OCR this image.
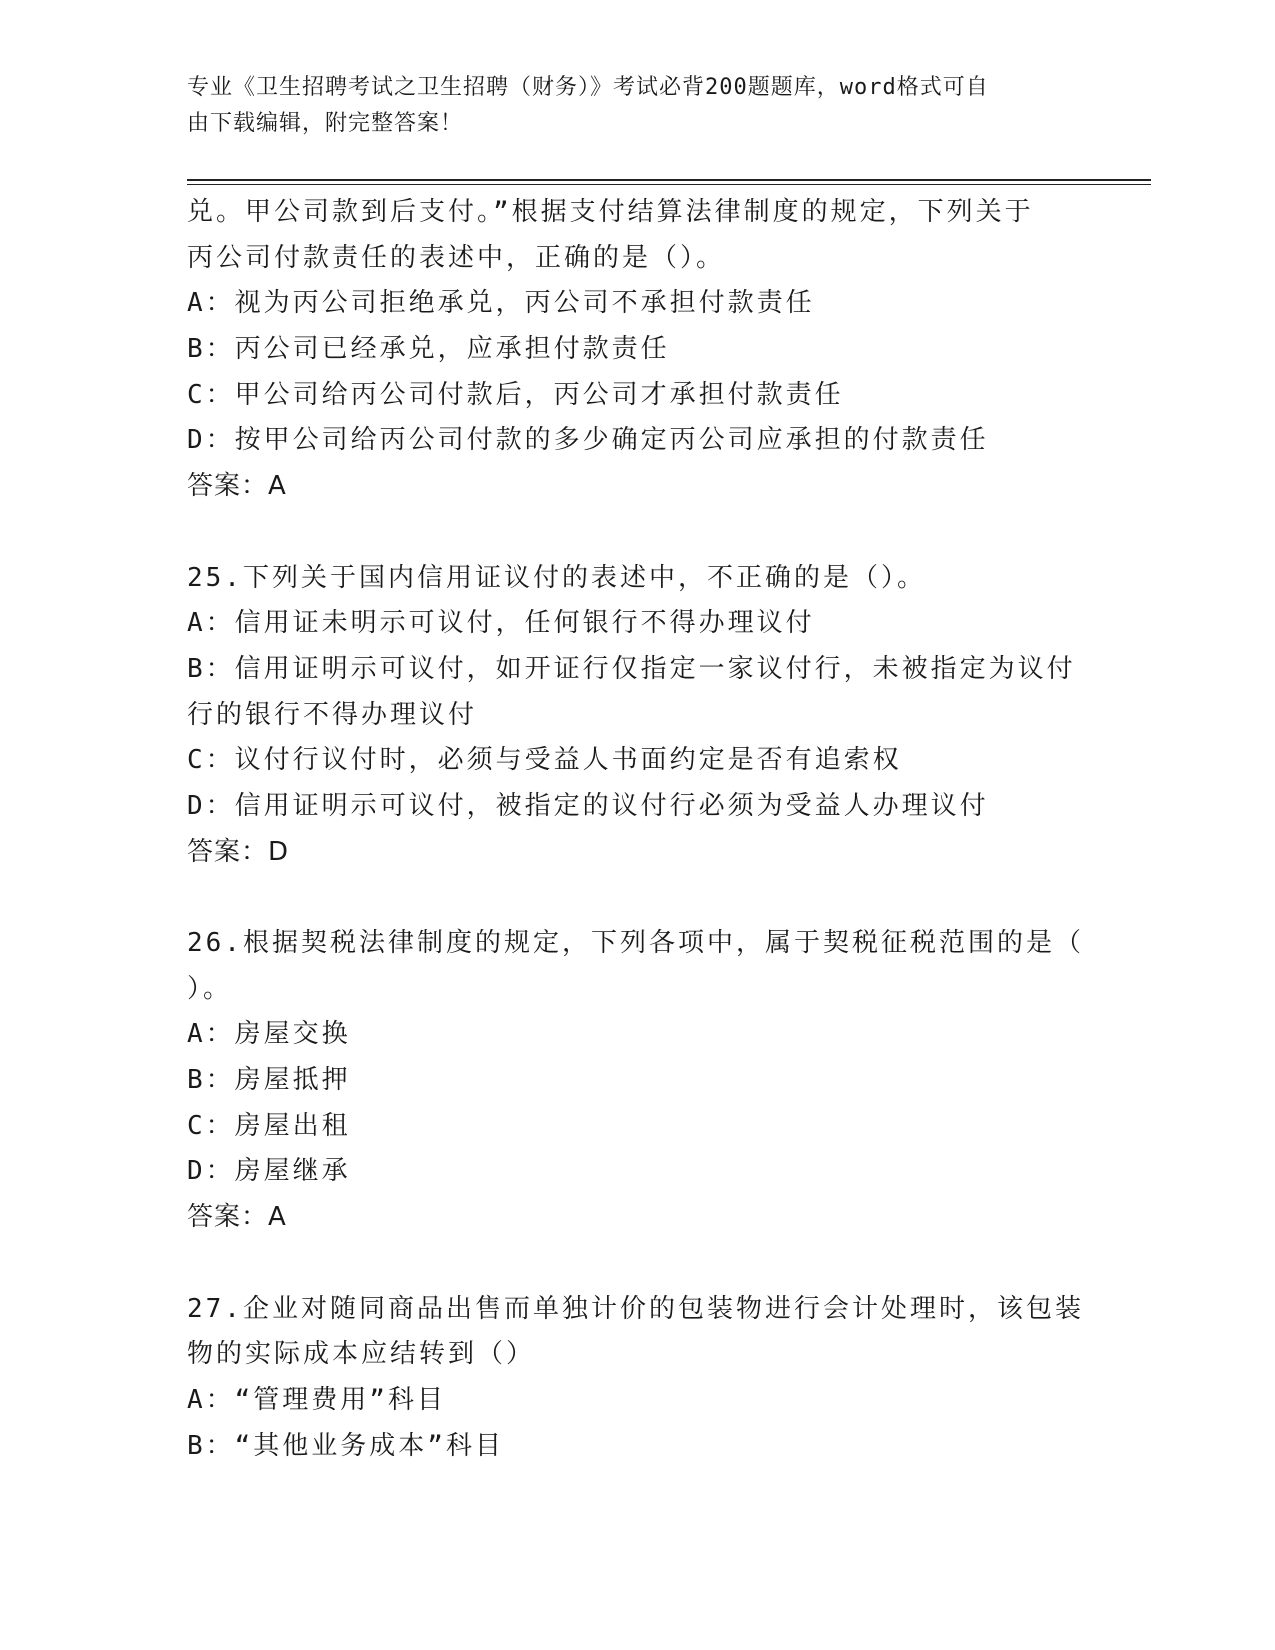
专业《卫生招聘考试之卫生招聘（财务）》考试必背200题题库，word格式可自
由下载编辑，附完整答案！
兑。甲公司款到后支付。”根据支付结算法律制度的规定，下列关于
丙公司付款责任的表述中，正确的是（）。
A：视为丙公司拒绝承兑，丙公司不承担付款责任
B：丙公司已经承兑，应承担付款责任
C：甲公司给丙公司付款后，丙公司才承担付款责任
D：按甲公司给丙公司付款的多少确定丙公司应承担的付款责任
答案：A
25.下列关于国内信用证议付的表述中，不正确的是（）。
A：信用证未明示可议付，任何银行不得办理议付
B：信用证明示可议付，如开证行仅指定一家议付行，未被指定为议付
行的银行不得办理议付
C：议付行议付时，必须与受益人书面约定是否有追索权
D：信用证明示可议付，被指定的议付行必须为受益人办理议付
答案：D
26.根据契税法律制度的规定，下列各项中，属于契税征税范围的是（
）。
A：房屋交换
B：房屋抵押
C：房屋出租
D：房屋继承
答案：A
27.企业对随同商品出售而单独计价的包装物进行会计处理时，该包装
物的实际成本应结转到（）
A：“管理费用”科目
B：“其他业务成本”科目
